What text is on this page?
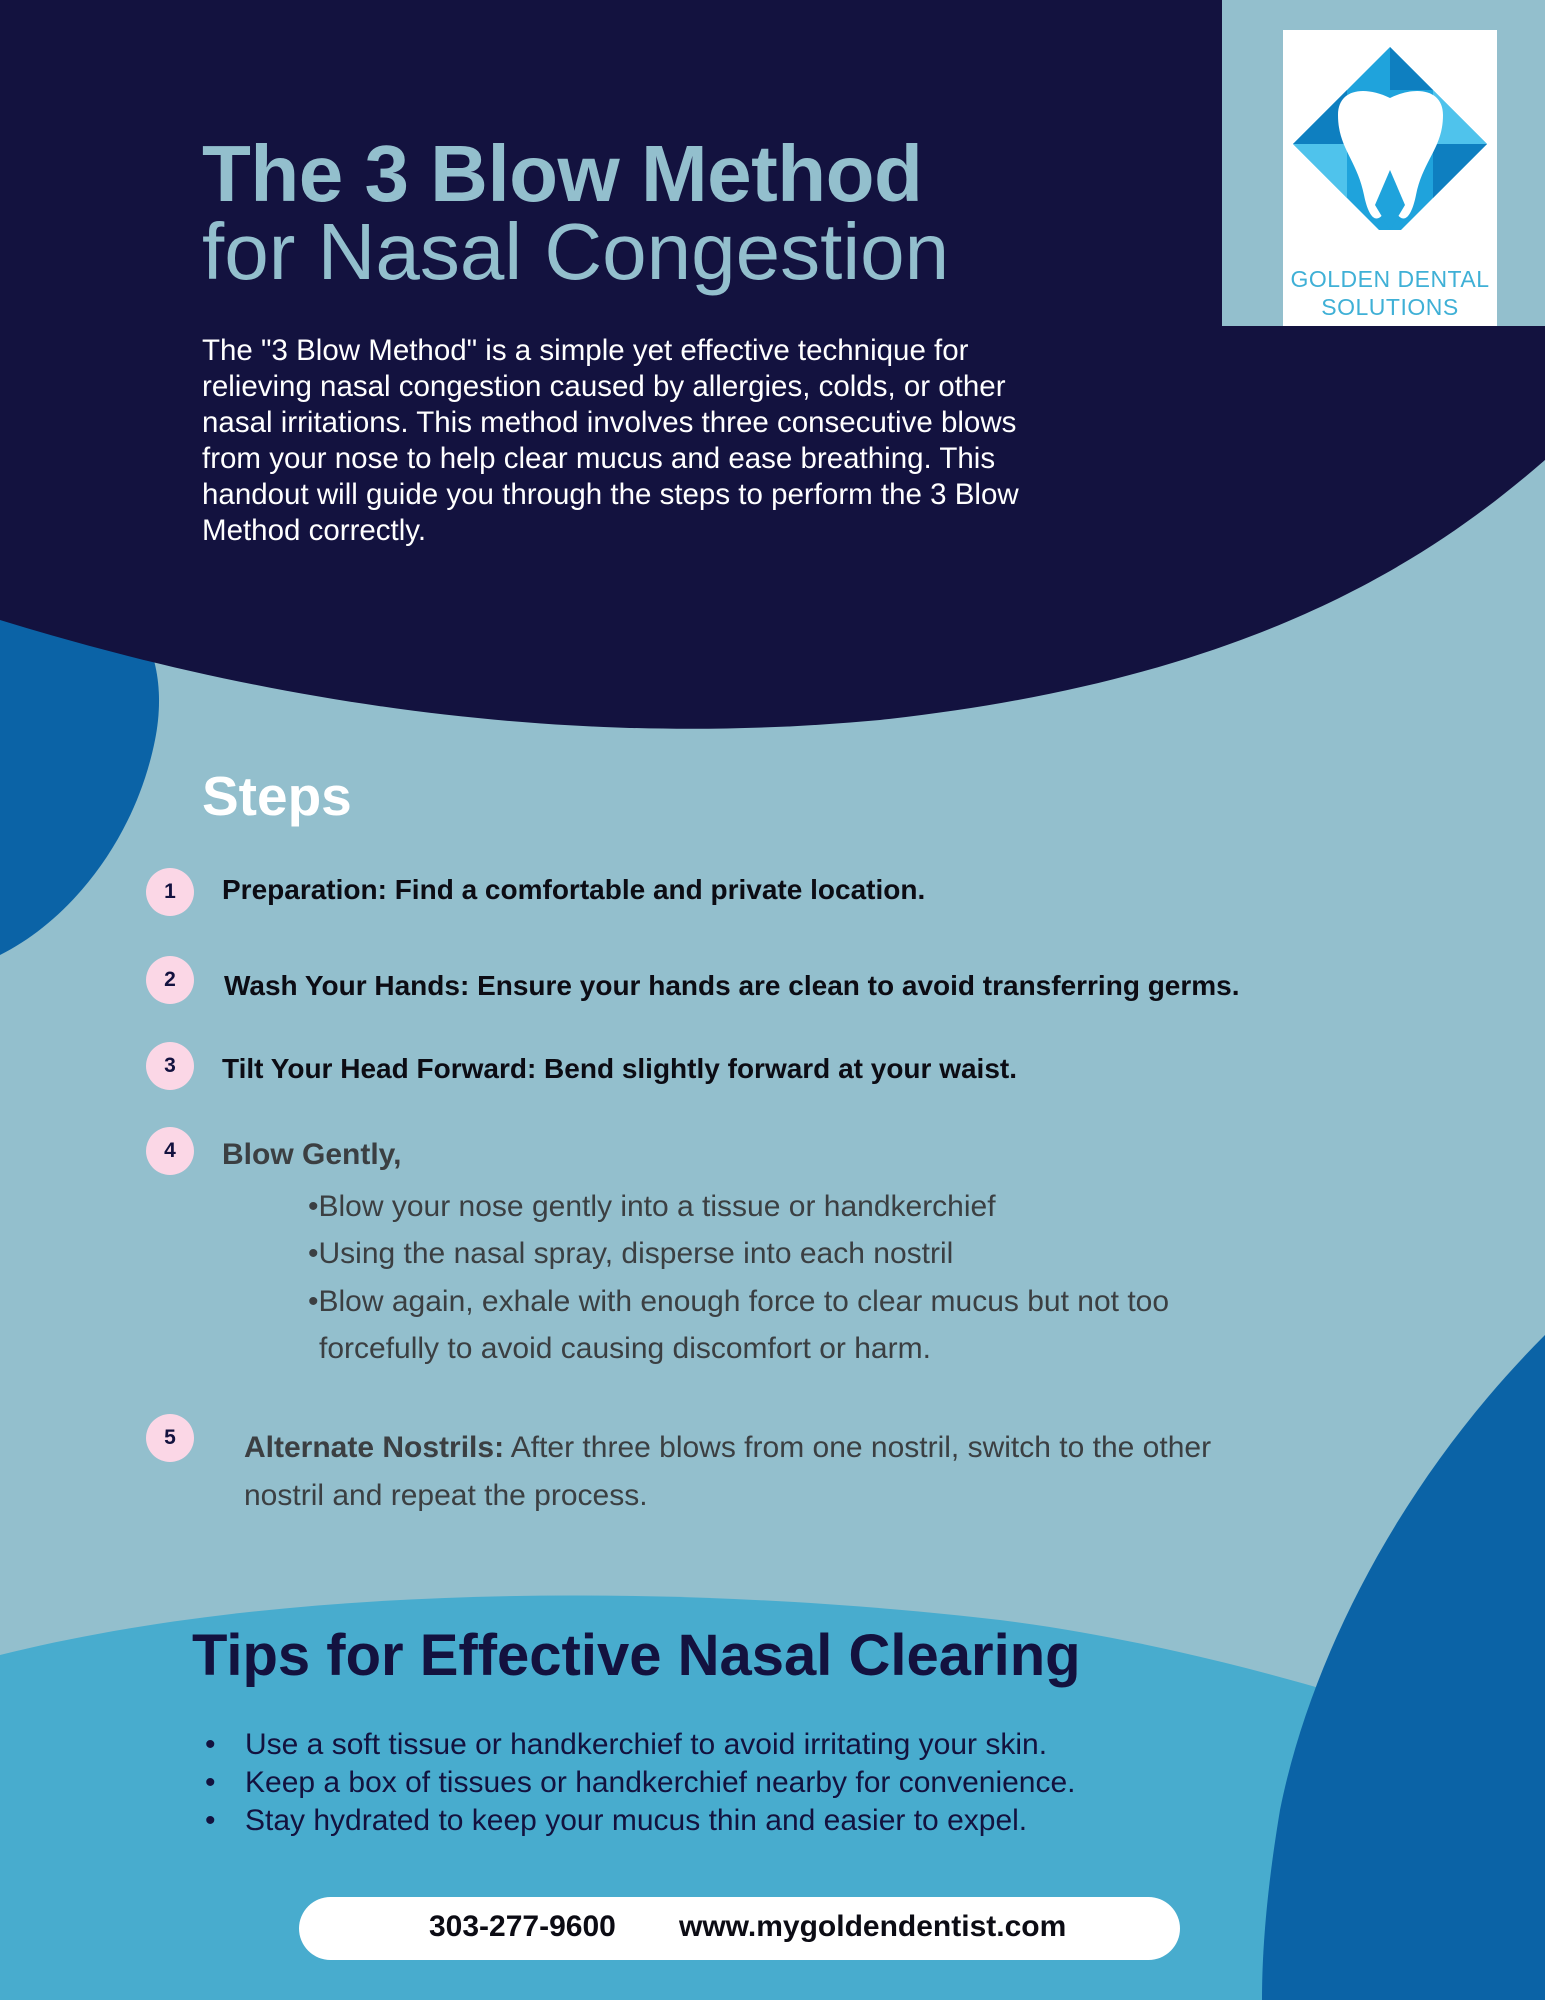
GOLDEN DENTAL
SOLUTIONS
The 3 Blow Method
for Nasal Congestion
The "3 Blow Method" is a simple yet effective technique for relieving nasal congestion caused by allergies, colds, or other nasal irritations. This method involves three consecutive blows from your nose to help clear mucus and ease breathing. This handout will guide you through the steps to perform the 3 Blow Method correctly.
Steps
1	Preparation: Find a comfortable and private location.
2	Wash Your Hands: Ensure your hands are clean to avoid transferring germs.
3	Tilt Your Head Forward: Bend slightly forward at your waist.
4	Blow Gently,
•Blow your nose gently into a tissue or handkerchief
•Using the nasal spray, disperse into each nostril
•Blow again, exhale with enough force to clear mucus but not too
forcefully to avoid causing discomfort or harm.
5	Alternate Nostrils: After three blows from one nostril, switch to the other nostril and repeat the process.
Tips for Effective Nasal Clearing
• Use a soft tissue or handkerchief to avoid irritating your skin.
• Keep a box of tissues or handkerchief nearby for convenience.
• Stay hydrated to keep your mucus thin and easier to expel.
303-277-9600 www.mygoldendentist.com
